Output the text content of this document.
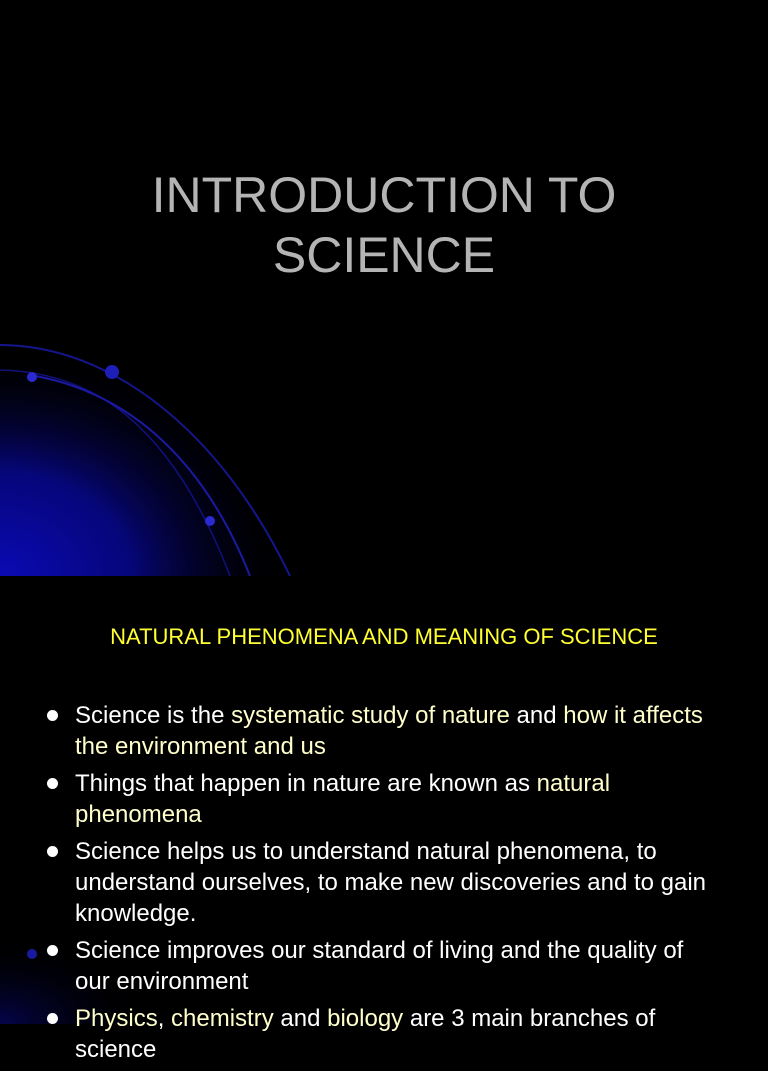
INTRODUCTION TO
SCIENCE
NATURAL PHENOMENA AND MEANING OF SCIENCE
Science is the systematic study of nature and how it affects the environment and us
Things that happen in nature are known as natural phenomena
Science helps us to understand natural phenomena, to understand ourselves, to make new discoveries and to gain knowledge.
Science improves our standard of living and the quality of our environment
Physics, chemistry and biology are 3 main branches of science
